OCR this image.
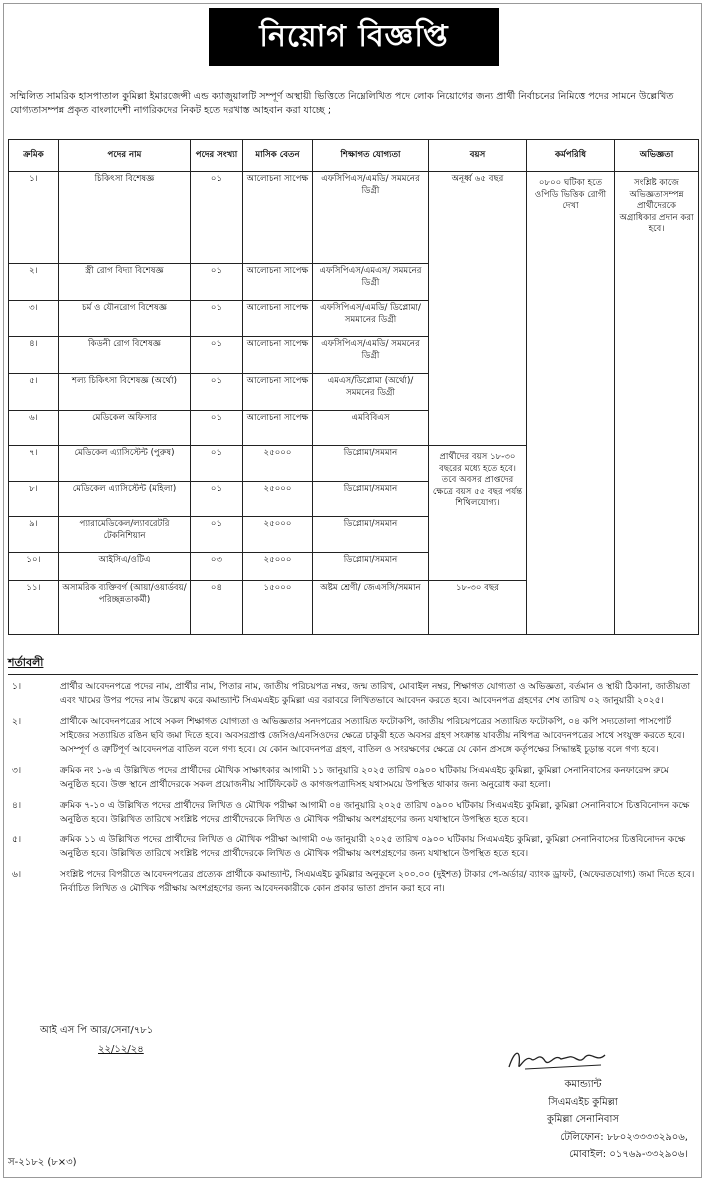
নিয়োগ বিজ্ঞপ্তি
সম্মিলিত সামরিক হাসপাতাল কুমিল্লা ইমারজেন্সী এন্ড ক্যাজুয়ালটি সম্পূর্ণ অস্থায়ী ভিত্তিতে নিম্নেলিখিত পদে লোক নিয়োগের জন্য প্রার্থী নির্বাচনের নিমিত্তে পদের সামনে উল্লেখিত যোগ্যতাসম্পন্ন প্রকৃত বাংলাদেশী নাগরিকদের নিকট হতে দরখাস্ত আহবান করা যাচ্ছে ;
ক্রমিক	পদের নাম	পদের সংখ্যা	মাসিক বেতন	শিক্ষাগত যোগ্যতা	বয়স	কর্মপরিধি	অভিজ্ঞতা
১।	চিকিৎসা বিশেষজ্ঞ	০১	আলোচনা সাপেক্ষ	এফসিপিএস/এমডি/ সমমনের ডিগ্রী	অনূর্ধ্ব ৬৫ বছর	০৮০০ ঘটিকা হতে ওপিডি ভিত্তিক রোগী দেখা	সংশ্লিষ্ট কাজে অভিজ্ঞতাসম্পন্ন প্রার্থীদেরকে অগ্রাধিকার প্রদান করা হবে।
২।	স্ত্রী রোগ বিদ্যা বিশেষজ্ঞ	০১	আলোচনা সাপেক্ষ	এফসিপিএস/এমএস/ সমমনের ডিগ্রী			
৩।	চর্ম ও যৌনরোগ বিশেষজ্ঞ	০১	আলোচনা সাপেক্ষ	এফসিপিএস/এমডি/ ডিপ্লোমা/সমমানের ডিগ্রী			
৪।	কিডনী রোগ বিশেষজ্ঞ	০১	আলোচনা সাপেক্ষ	এফসিপিএস/এমডি/ সমমনের ডিগ্রী			
৫।	শল্য চিকিৎসা বিশেষজ্ঞ (অর্থো)	০১	আলোচনা সাপেক্ষ	এমএস/ডিপ্লোমা (অর্থো)/ সমমনের ডিগ্রী			
৬।	মেডিকেল অফিসার	০১	আলোচনা সাপেক্ষ	এমবিবিএস			
৭।	মেডিকেল এ্যাসিস্টেন্ট (পুরুষ)	০১	২৫০০০	ডিপ্লোমা/সমমান	প্রার্থীদের বয়স ১৮-৩০ বছরের মধ্যে হতে হবে। তবে অবসর প্রাপ্তদের ক্ষেত্রে বয়স ৫৫ বছর পর্যন্ত শিথিলযোগ্য।		
৮।	মেডিকেল এ্যাসিস্টেন্ট (মহিলা)	০১	২৫০০০	ডিপ্লোমা/সমমান			
৯।	প্যারামেডিকেল/ল্যাবরেটরি টেকনিশিয়ান	০১	২৫০০০	ডিপ্লোমা/সমমান			
১০।	আইসিএ/ওটিএ	০৩	২৫০০০	ডিপ্লোমা/সমমান			
১১।	অসামরিক ব্যক্তিবর্গ (আয়া/ওয়ার্ডবয়/ পরিচ্ছন্নতাকর্মী)	০৪	১৫০০০	অষ্টম শ্রেণী/ জেএসসি/সমমান	১৮-৩০ বছর		
শর্তাবলী
১।	প্রার্থীর আবেদনপত্রে পদের নাম, প্রার্থীর নাম, পিতার নাম, জাতীয় পরিচয়পত্র নম্বর, জন্ম তারিখ, মোবাইল নম্বর, শিক্ষাগত যোগ্যতা ও অভিজ্ঞতা, বর্তমান ও স্থায়ী ঠিকানা, জাতীয়তা এবং খামের উপর পদের নাম উল্লেখ করে কমান্ড্যান্ট সিএমএইচ কুমিল্লা এর বরাবরে লিখিতভাবে আবেদন করতে হবে। আবেদনপত্র গ্রহণের শেষ তারিখ ০২ জানুয়ারী ২০২৫।
২।	প্রার্থীকে আবেদনপত্রের সাথে সকল শিক্ষাগত যোগ্যতা ও অভিজ্ঞতার সনদপত্রের সত্যায়িত ফটোকপি, জাতীয় পরিচয়পত্রের সত্যায়িত ফটোকপি, ০৪ কপি সদ্যতোলা পাসপোর্ট সাইজের সত্যায়িত রঙিন ছবি জমা দিতে হবে। অবসরপ্রাপ্ত জেসিও/এনসিওদের ক্ষেত্রে চাকুরী হতে অবসর গ্রহণ সংক্রান্ত যাবতীয় নথিপত্র আবেদনপত্রের সাথে সংযুক্ত করতে হবে। অসম্পূর্ণ ও ত্রুটিপূর্ণ আবেদনপত্র বাতিল বলে গণ্য হবে। যে কোন আবেদনপত্র গ্রহণ, বাতিল ও সংরক্ষণের ক্ষেত্রে যে কোন প্রসঙ্গে কর্তৃপক্ষের সিদ্ধান্তই চূড়ান্ত বলে গণ্য হবে।
৩।	ক্রমিক নং ১-৬ এ উল্লিখিত পদের প্রার্থীদের মৌখিক সাক্ষাৎকার আগামী ১১ জানুয়ারি ২০২৫ তারিখ ০৯০০ ঘটিকায় সিএমএইচ কুমিল্লা, কুমিল্লা সেনানিবাসের কনফারেন্স রুমে অনুষ্ঠিত হবে। উক্ত স্থানে প্রার্থীদেরকে সকল প্রয়োজনীয় সার্টিফিকেট ও কাগজপত্রাদিসহ যথাসময়ে উপস্থিত থাকার জন্য অনুরোধ করা হলো।
৪।	ক্রমিক ৭-১০ এ উল্লিখিত পদের প্রার্থীদের লিখিত ও মৌখিক পরীক্ষা আগামী ০৪ জানুয়ারি ২০২৫ তারিখ ০৯০০ ঘটিকায় সিএমএইচ কুমিল্লা, কুমিল্লা সেনানিবাসে চিত্তবিনোদন কক্ষে অনুষ্ঠিত হবে। উল্লিখিত তারিখে সংশ্লিষ্ট পদের প্রার্থীদেরকে লিখিত ও মৌখিক পরীক্ষায় অংশগ্রহণের জন্য যথাস্থানে উপস্থিত হতে হবে।
৫।	ক্রমিক ১১ এ উল্লিখিত পদের প্রার্থীদের লিখিত ও মৌখিক পরীক্ষা আগামী ০৬ জানুয়ারী ২০২৫ তারিখ ০৯০০ ঘটিকায় সিএমএইচ কুমিল্লা, কুমিল্লা সেনানিবাসের চিত্তবিনোদন কক্ষে অনুষ্ঠিত হবে। উল্লিখিত তারিখে সংশ্লিষ্ট পদের প্রার্থীদেরকে লিখিত ও মৌখিক পরীক্ষায় অংশগ্রহণের জন্য যথাস্থানে উপস্থিত হতে হবে।
৬।	সংশ্লিষ্ট পদের বিপরীতে আবেদনপত্রের প্রত্যেক প্রার্থীকে কমান্ড্যান্ট, সিএমএইচ কুমিল্লার অনুকূলে ২০০.০০ (দুইশত) টাকার পে-অর্ডার/ ব্যাংক ড্রাফট, (অফেরতযোগ্য) জমা দিতে হবে। নির্বাচিত লিখিত ও মৌখিক পরীক্ষায় অংশগ্রহণের জন্য আবেদনকারীকে কোন প্রকার ভাতা প্রদান করা হবে না।
আই এস পি আর/সেনা/৭৮১
২২/১২/২৪
কমান্ড্যান্ট
সিএমএইচ কুমিল্লা
কুমিল্লা সেনানিবাস
টেলিফোন: ৮৮০২৩৩৩৩২৯০৬,
মোবাইল: ০১৭৬৯-৩৩২৯০৬।
স-২১৮২ (৮×৩)
